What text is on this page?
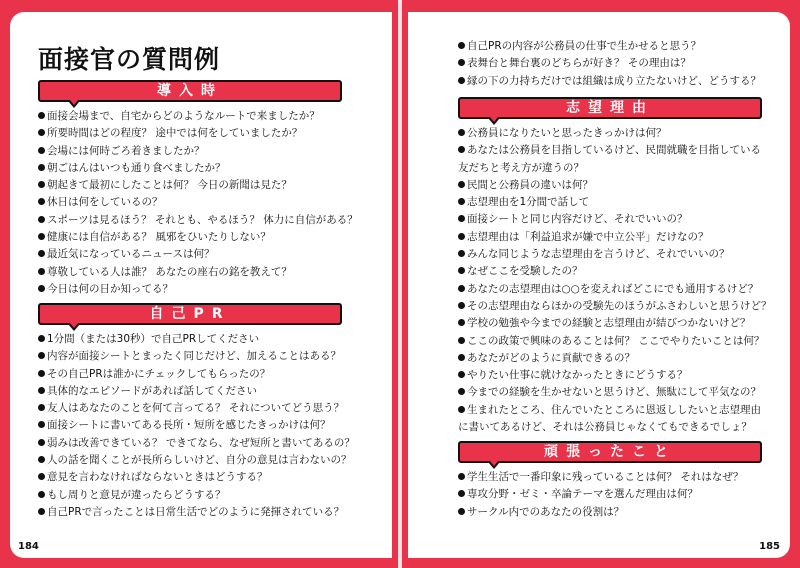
面接官の質問例
導入時
面接会場まで、自宅からどのようなルートで来ましたか？
所要時間はどの程度？ 途中では何をしていましたか？
会場には何時ごろ着きましたか？
朝ごはんはいつも通り食べましたか？
朝起きて最初にしたことは何？ 今日の新聞は見た？
休日は何をしているの？
スポーツは見るほう？ それとも、やるほう？ 体力に自信がある？
健康には自信がある？ 風邪をひいたりしない？
最近気になっているニュースは何？
尊敬している人は誰？ あなたの座右の銘を教えて？
今日は何の日か知ってる？
自己PR
1分間（または30秒）で自己PRしてください
内容が面接シートとまったく同じだけど、加えることはある？
その自己PRは誰かにチェックしてもらったの？
具体的なエピソードがあれば話してください
友人はあなたのことを何て言ってる？ それについてどう思う？
面接シートに書いてある長所・短所を感じたきっかけは何？
弱みは改善できている？ できてなら、なぜ短所と書いてあるの？
人の話を聞くことが長所らしいけど、自分の意見は言わないの？
意見を言わなければならないときはどうする？
もし周りと意見が違ったらどうする？
自己PRで言ったことは日常生活でどのように発揮されている？
184
自己PRの内容が公務員の仕事で生かせると思う？
表舞台と舞台裏のどちらが好き？ その理由は？
縁の下の力持ちだけでは組織は成り立たないけど、どうする？
志望理由
公務員になりたいと思ったきっかけは何？
あなたは公務員を目指しているけど、民間就職を目指している友だちと考え方が違うの？
民間と公務員の違いは何？
志望理由を1分間で話して
面接シートと同じ内容だけど、それでいいの？
志望理由は「利益追求が嫌で中立公平」だけなの？
みんな同じような志望理由を言うけど、それでいいの？
なぜここを受験したの？
あなたの志望理由は○○を変えればどこにでも通用するけど？
その志望理由ならほかの受験先のほうがふさわしいと思うけど？
学校の勉強や今までの経験と志望理由が結びつかないけど？
ここの政策で興味のあることは何？ ここでやりたいことは何？
あなたがどのように貢献できるの？
やりたい仕事に就けなかったときにどうする？
今までの経験を生かせないと思うけど、無駄にして平気なの？
生まれたところ、住んでいたところに恩返ししたいと志望理由に書いてあるけど、それは公務員じゃなくてもできるでしょ？
頑張ったこと
学生生活で一番印象に残っていることは何？ それはなぜ？
専攻分野・ゼミ・卒論テーマを選んだ理由は何？
サークル内でのあなたの役割は？
185
